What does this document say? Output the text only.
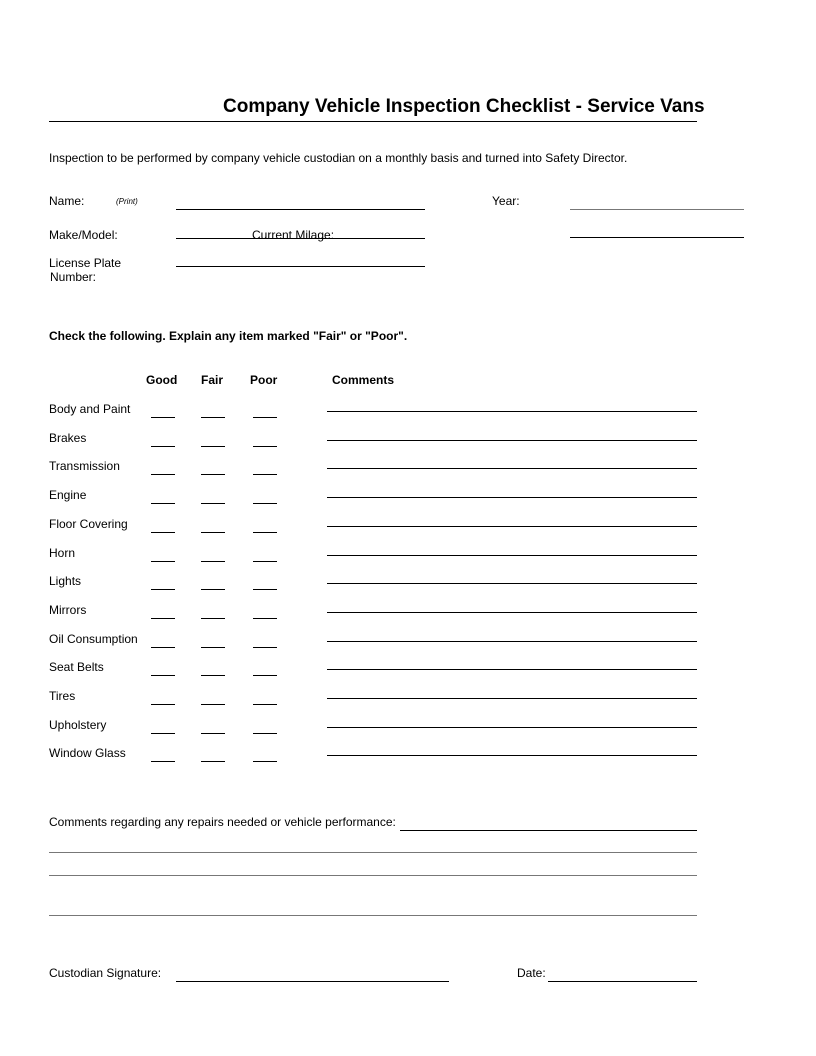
Company Vehicle Inspection Checklist - Service Vans
Inspection to be performed by company vehicle custodian on a monthly basis and turned into Safety Director.
Name:	(Print)	Year:
Make/Model:	Current Milage:
License Plate
Number:
Check the following. Explain any item marked "Fair" or "Poor".
Good Fair Poor	Comments
Body and Paint
Brakes
Transmission
Engine
Floor Covering
Horn
Lights
Mirrors
Oil Consumption
Seat Belts
Tires
Upholstery
Window Glass
Comments regarding any repairs needed or vehicle performance:
Custodian Signature:	Date:
